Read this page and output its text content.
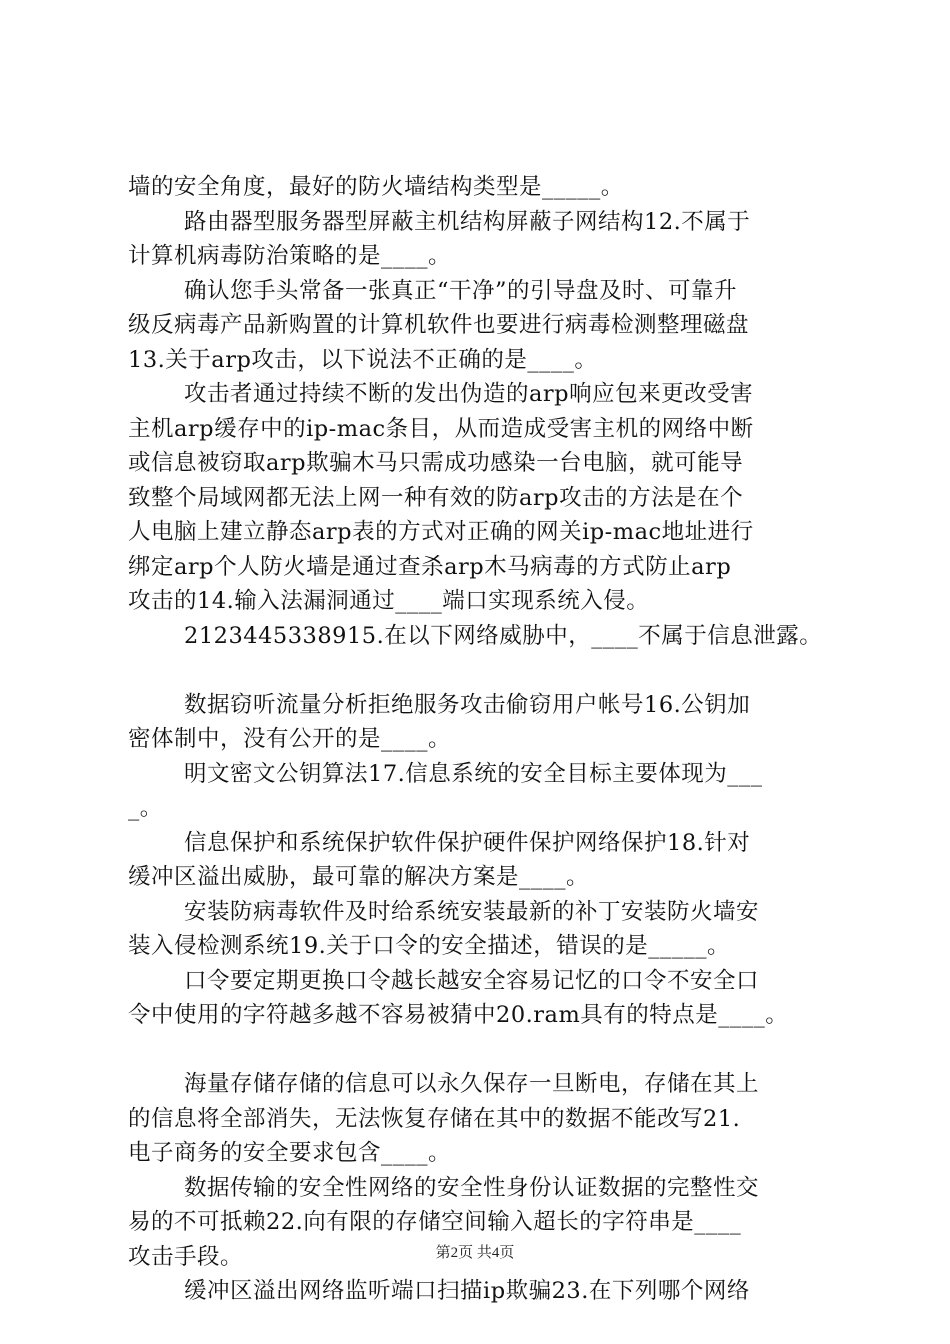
墙的安全角度，最好的防火墙结构类型是_____。
路由器型服务器型屏蔽主机结构屏蔽子网结构12.不属于
计算机病毒防治策略的是____。
确认您手头常备一张真正“干净”的引导盘及时、可靠升
级反病毒产品新购置的计算机软件也要进行病毒检测整理磁盘
13.关于arp攻击，以下说法不正确的是____。
攻击者通过持续不断的发出伪造的arp响应包来更改受害
主机arp缓存中的ip-mac条目，从而造成受害主机的网络中断
或信息被窃取arp欺骗木马只需成功感染一台电脑，就可能导
致整个局域网都无法上网一种有效的防arp攻击的方法是在个
人电脑上建立静态arp表的方式对正确的网关ip-mac地址进行
绑定arp个人防火墙是通过查杀arp木马病毒的方式防止arp
攻击的14.输入法漏洞通过____端口实现系统入侵。
2123445338915.在以下网络威胁中，____不属于信息泄露。
数据窃听流量分析拒绝服务攻击偷窃用户帐号16.公钥加
密体制中，没有公开的是____。
明文密文公钥算法17.信息系统的安全目标主要体现为___
_。
信息保护和系统保护软件保护硬件保护网络保护18.针对
缓冲区溢出威胁，最可靠的解决方案是____。
安装防病毒软件及时给系统安装最新的补丁安装防火墙安
装入侵检测系统19.关于口令的安全描述，错误的是_____。
口令要定期更换口令越长越安全容易记忆的口令不安全口
令中使用的字符越多越不容易被猜中20.ram具有的特点是____。
海量存储存储的信息可以永久保存一旦断电，存储在其上
的信息将全部消失，无法恢复存储在其中的数据不能改写21.
电子商务的安全要求包含____。
数据传输的安全性网络的安全性身份认证数据的完整性交
易的不可抵赖22.向有限的存储空间输入超长的字符串是____
攻击手段。
缓冲区溢出网络监听端口扫描ip欺骗23.在下列哪个网络
第2页 共4页
